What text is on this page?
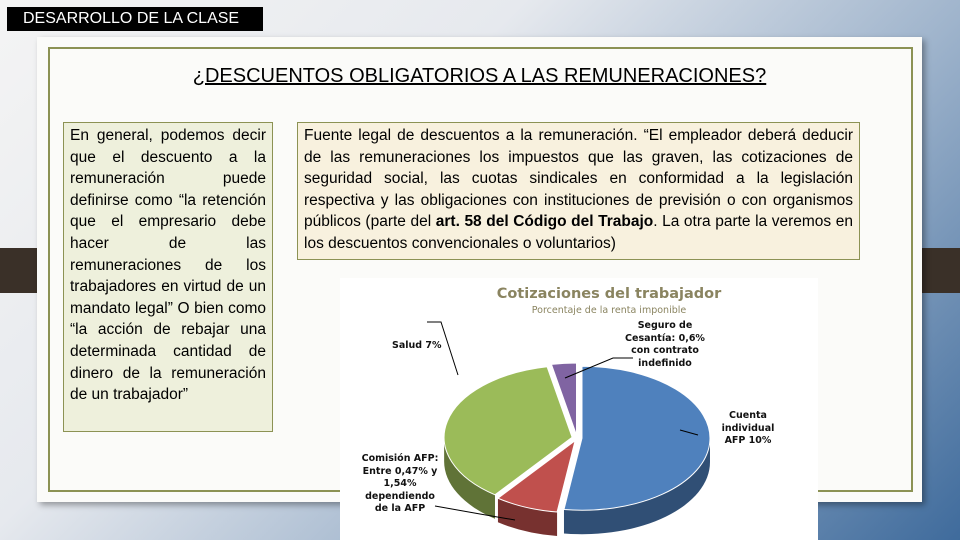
DESARROLLO DE LA CLASE
¿DESCUENTOS OBLIGATORIOS A LAS REMUNERACIONES?
En general, podemos decir que el descuento a la remuneración puede definirse como “la retención que el empresario debe hacer de las remuneraciones de los trabajadores en virtud de un mandato legal” O bien como “la acción de rebajar una determinada cantidad de dinero de la remuneración de un trabajador”
Fuente legal de descuentos a la remuneración. “El empleador deberá deducir de las remuneraciones los impuestos que las graven, las cotizaciones de seguridad social, las cuotas sindicales en conformidad a la legislación respectiva y las obligaciones con instituciones de previsión o con organismos públicos (parte del art. 58 del Código del Trabajo. La otra parte la veremos en los descuentos convencionales o voluntarios)
Cotizaciones del trabajador
Porcentaje de la renta imponible
Salud 7%
Seguro de Cesantía: 0,6% con contrato indefinido
Cuenta individual AFP 10%
Comisión AFP: Entre 0,47% y 1,54% dependiendo de la AFP
